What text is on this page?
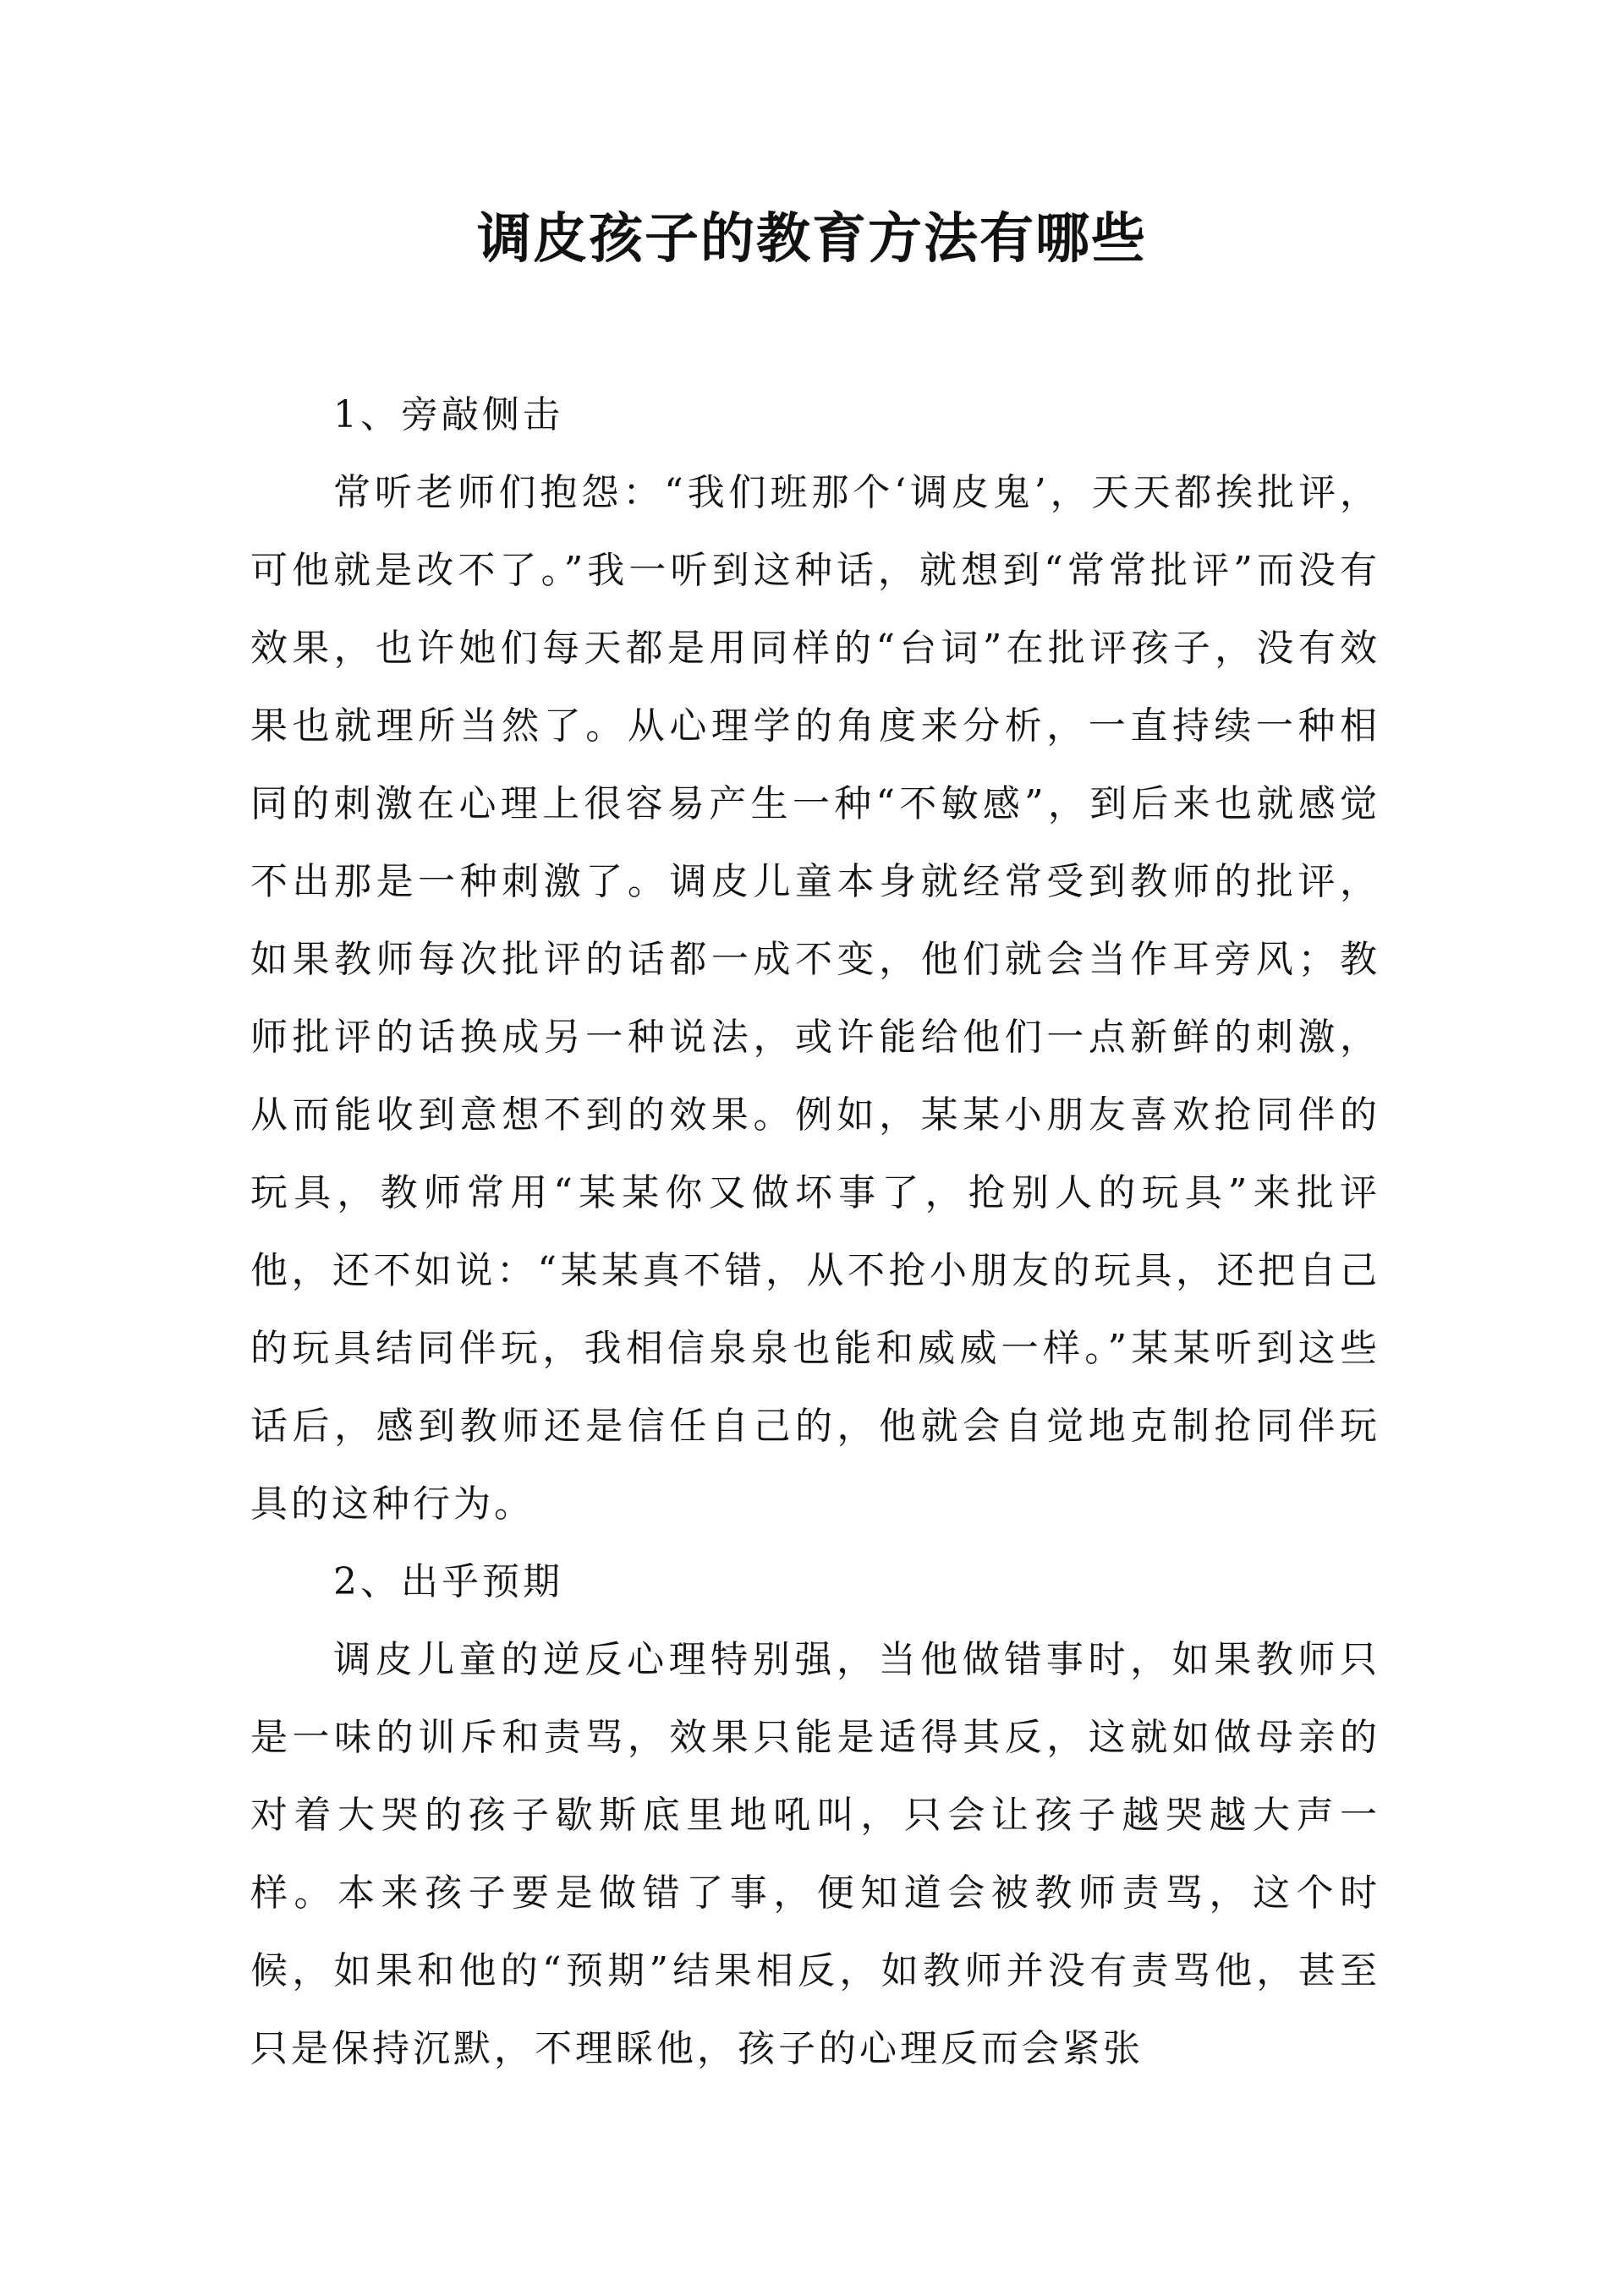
调皮孩子的教育方法有哪些

1、旁敲侧击

常听老师们抱怨：“我们班那个‘调皮鬼’，天天都挨批评，可他就是改不了。”我一听到这种话，就想到“常常批评”而没有效果，也许她们每天都是用同样的“台词”在批评孩子，没有效果也就理所当然了。从心理学的角度来分析，一直持续一种相同的刺激在心理上很容易产生一种“不敏感”，到后来也就感觉不出那是一种刺激了。调皮儿童本身就经常受到教师的批评，如果教师每次批评的话都一成不变，他们就会当作耳旁风；教师批评的话换成另一种说法，或许能给他们一点新鲜的刺激，从而能收到意想不到的效果。例如，某某小朋友喜欢抢同伴的玩具，教师常用“某某你又做坏事了，抢别人的玩具”来批评他，还不如说：“某某真不错，从不抢小朋友的玩具，还把自己的玩具结同伴玩，我相信泉泉也能和威威一样。”某某听到这些话后，感到教师还是信任自己的，他就会自觉地克制抢同伴玩具的这种行为。

2、出乎预期

调皮儿童的逆反心理特别强，当他做错事时，如果教师只是一味的训斥和责骂，效果只能是适得其反，这就如做母亲的对着大哭的孩子歇斯底里地吼叫，只会让孩子越哭越大声一样。本来孩子要是做错了事，便知道会被教师责骂，这个时候，如果和他的“预期”结果相反，如教师并没有责骂他，甚至只是保持沉默，不理睬他，孩子的心理反而会紧张
